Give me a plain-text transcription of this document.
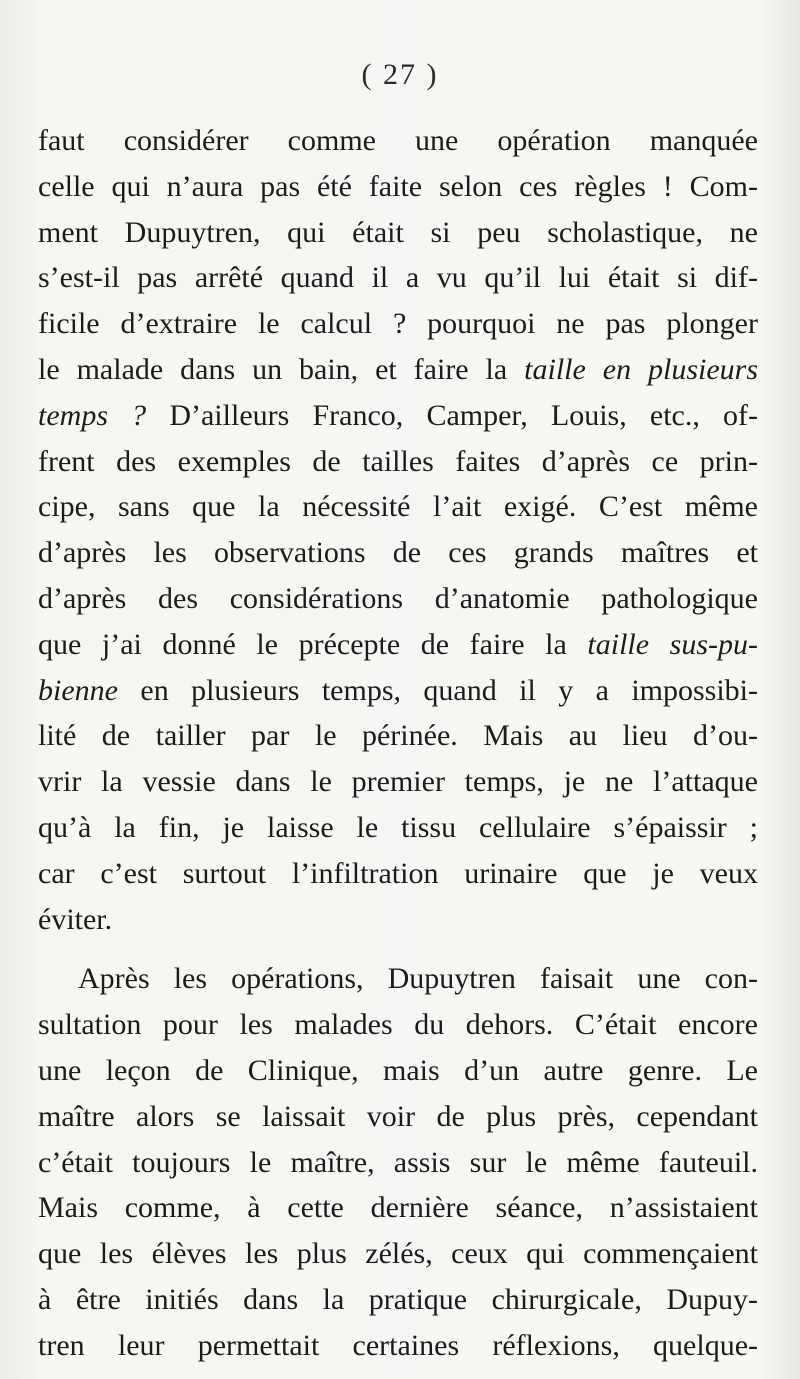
( 27 )
faut considérer comme une opération manquée
celle qui n’aura pas été faite selon ces règles ! Com-
ment Dupuytren, qui était si peu scholastique, ne
s’est-il pas arrêté quand il a vu qu’il lui était si dif-
ficile d’extraire le calcul ? pourquoi ne pas plonger
le malade dans un bain, et faire la taille en plusieurs
temps ? D’ailleurs Franco, Camper, Louis, etc., of-
frent des exemples de tailles faites d’après ce prin-
cipe, sans que la nécessité l’ait exigé. C’est même
d’après les observations de ces grands maîtres et
d’après des considérations d’anatomie pathologique
que j’ai donné le précepte de faire la taille sus-pu-
bienne en plusieurs temps, quand il y a impossibi-
lité de tailler par le périnée. Mais au lieu d’ou-
vrir la vessie dans le premier temps, je ne l’attaque
qu’à la fin, je laisse le tissu cellulaire s’épaissir ;
car c’est surtout l’infiltration urinaire que je veux
éviter.
Après les opérations, Dupuytren faisait une con-
sultation pour les malades du dehors. C’était encore
une leçon de Clinique, mais d’un autre genre. Le
maître alors se laissait voir de plus près, cependant
c’était toujours le maître, assis sur le même fauteuil.
Mais comme, à cette dernière séance, n’assistaient
que les élèves les plus zélés, ceux qui commençaient
à être initiés dans la pratique chirurgicale, Dupuy-
tren leur permettait certaines réflexions, quelque-
